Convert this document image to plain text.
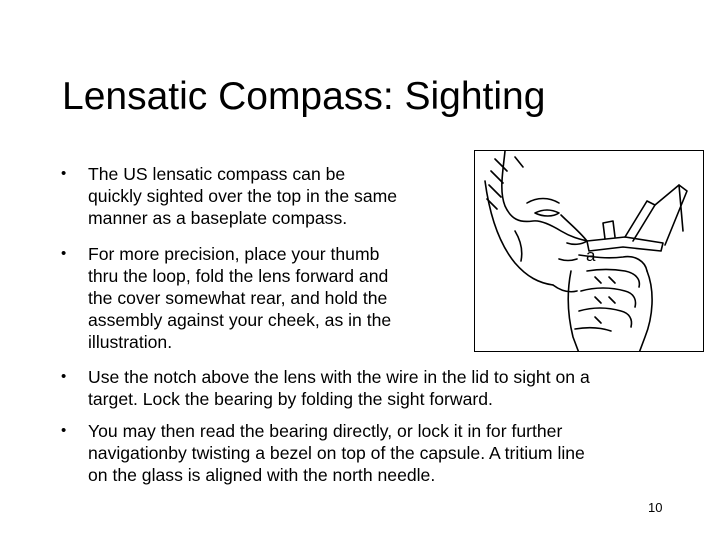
Lensatic Compass: Sighting
•	The US lensatic compass can be
quickly sighted over the top in the same
manner as a baseplate compass.
•	For more precision, place your thumb
thru the loop, fold the lens forward and
the cover somewhat rear, and hold the
assembly against your cheek, as in the
illustration.
•	Use the notch above the lens with the wire in the lid to sight on a
target. Lock the bearing by folding the sight forward.
•	You may then read the bearing directly, or lock it in for further
navigationby twisting a bezel on top of the capsule. A tritium line
on the glass is aligned with the north needle.
a
10
